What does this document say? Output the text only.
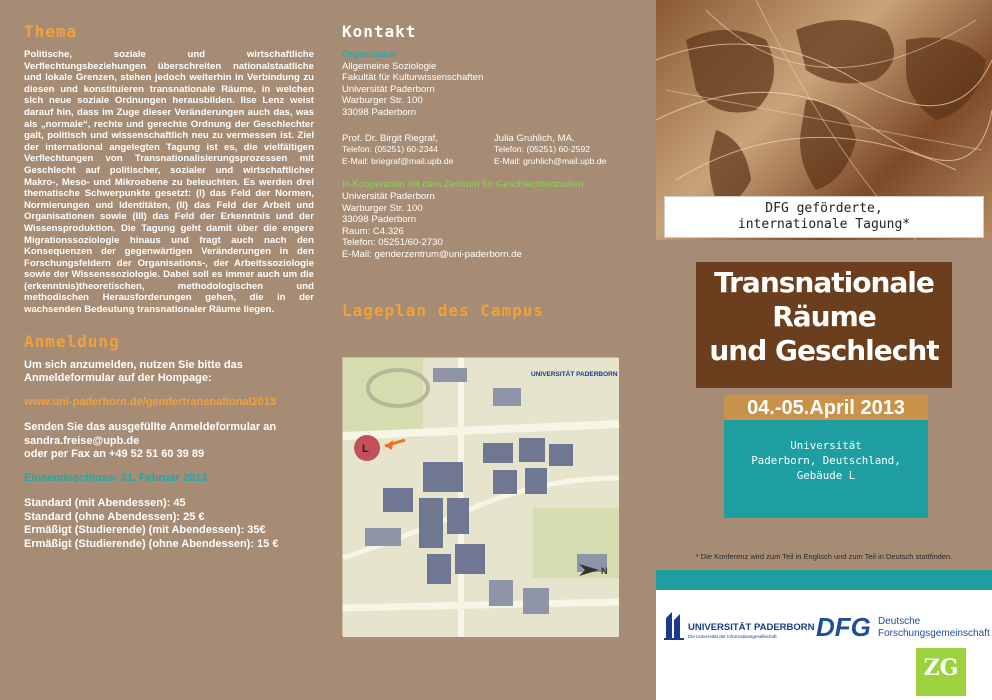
Thema

Politische, soziale und wirtschaftliche Verflechtungsbeziehungen überschreiten nationalstaatliche und lokale Grenzen, stehen jedoch weiterhin in Verbindung zu diesen und konstituieren transnationale Räume, in welchen sich neue soziale Ordnungen herausbilden. Ilse Lenz weist darauf hin, dass im Zuge dieser Veränderungen auch das, was als „normale“, rechte und gerechte Ordnung der Geschlechter galt, politisch und wissenschaftlich neu zu vermessen ist. Ziel der international angelegten Tagung ist es, die vielfältigen Verflechtungen von Transnationalisierungsprozessen mit Geschlecht auf politischer, sozialer und wirtschaftlicher Makro-, Meso- und Mikroebene zu beleuchten. Es werden drei thematische Schwerpunkte gesetzt: (I) das Feld der Normen, Normierungen und Identitäten, (II) das Feld der Arbeit und Organisationen sowie (III) das Feld der Erkenntnis und der Wissensproduktion. Die Tagung geht damit über die engere Migrationssoziologie hinaus und fragt auch nach den Konsequenzen der gegenwärtigen Veränderungen in den Forschungsfeldern der Organisations-, der Arbeitssoziologie sowie der Wissenssoziologie. Dabei soll es immer auch um die (erkenntnis)theoretischen, methodologischen und methodischen Herausforderungen gehen, die in der wachsenden Bedeutung transnationaler Räume liegen.

Anmeldung

Um sich anzumelden, nutzen Sie bitte das Anmeldeformular auf der Hompage:

www.uni-paderborn.de/gendertransnational2013

Senden Sie das ausgefüllte Anmeldeformular an

sandra.freise@upb.de

oder per Fax an +49 52 51 60 39 89

Einsendeschluss: 31. Februar 2013

Standard (mit Abendessen): 45

Standard (ohne Abendessen): 25 €

Ermäßigt (Studierende) (mit Abendessen): 35€

Ermäßigt (Studierende) (ohne Abendessen): 15 €

Kontakt

Organisation

Allgemeine Soziologie

Fakultät für Kulturwissenschaften

Universität Paderborn

Warburger Str. 100

33098 Paderborn

Prof. Dr. Birgit Riegraf,

Telefon: (05251) 60-2344

E-Mail: briegraf@mail.upb.de

Julia Gruhlich, MA.

Telefon: (05251) 60-2592

E-Mail: gruhlich@mail.upb.de

In Kooperation mit dem Zentrum für Geschlechterstudien

Universität Paderborn

Warburger Str. 100

33098 Paderborn

Raum: C4.326

Telefon: 05251/60-2730

E-Mail: genderzentrum@uni-paderborn.de

Lageplan des Campus
L
N
UNIVERSITÄT PADERBORN

DFG geförderte,

internationale Tagung*

Transnationale

Räume

und Geschlecht

04.-05.April 2013

Universität

Paderborn, Deutschland,

Gebäude L

* Die Konferenz wird zum Teil in Englisch und zum Teil in Deutsch stattfinden.

UNIVERSITÄT PADERBORN
Die Universität der Informationsgesellschaft DFG Deutsche
Forschungsgemeinschaft
ZG
